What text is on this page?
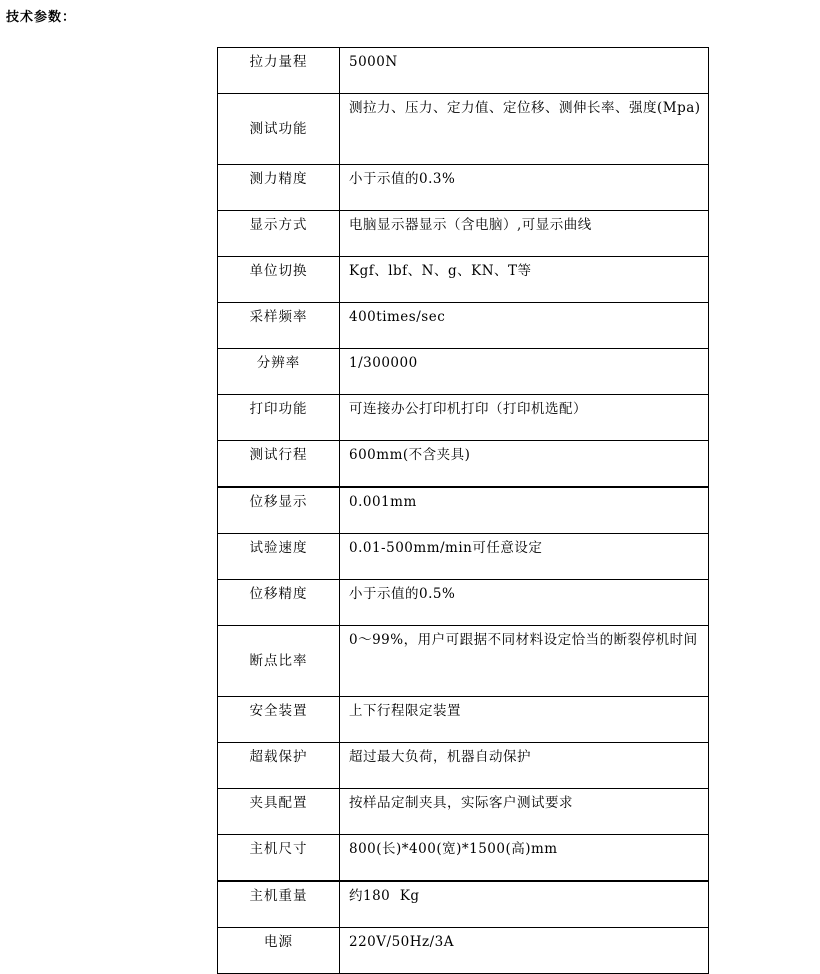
技术参数：
拉力量程	5000N
测试功能	测拉力、压力、定力值、定位移、测伸长率、强度(Mpa)
测力精度	小于示值的0.3%
显示方式	电脑显示器显示（含电脑）,可显示曲线
单位切换	Kgf、lbf、N、g、KN、T等
采样频率	400times/sec
分辨率	1/300000
打印功能	可连接办公打印机打印（打印机选配）
测试行程	600mm(不含夹具)
位移显示	0.001mm
试验速度	0.01-500mm/min可任意设定
位移精度	小于示值的0.5%
断点比率	0～99%，用户可跟据不同材料设定恰当的断裂停机时间
安全装置	上下行程限定装置
超载保护	超过最大负荷，机器自动保护
夹具配置	按样品定制夹具，实际客户测试要求
主机尺寸	800(长)*400(宽)*1500(高)mm
主机重量	约180  Kg
电源	220V/50Hz/3A
